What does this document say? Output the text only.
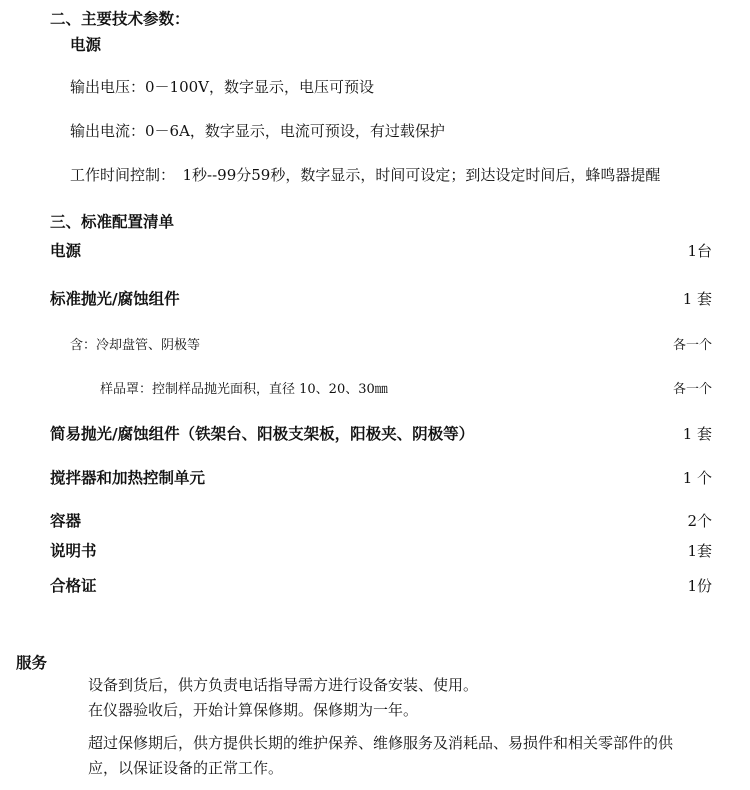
二、主要技术参数：
电源
输出电压：0－100V，数字显示，电压可预设
输出电流：0－6A，数字显示，电流可预设，有过载保护
工作时间控制：　1秒--99分59秒，数字显示，时间可设定；到达设定时间后，蜂鸣器提醒
三、标准配置清单
电源	1台
标准抛光/腐蚀组件	1 套
含：冷却盘管、阴极等	各一个
样品罩：控制样品抛光面积，直径 10、20、30㎜	各一个
简易抛光/腐蚀组件（铁架台、阳极支架板，阳极夹、阴极等）	1 套
搅拌器和加热控制单元	1 个
容器	2个
说明书	1套
合格证	1份
服务
设备到货后，供方负责电话指导需方进行设备安装、使用。
在仪器验收后，开始计算保修期。保修期为一年。
超过保修期后，供方提供长期的维护保养、维修服务及消耗品、易损件和相关零部件的供
应，以保证设备的正常工作。
